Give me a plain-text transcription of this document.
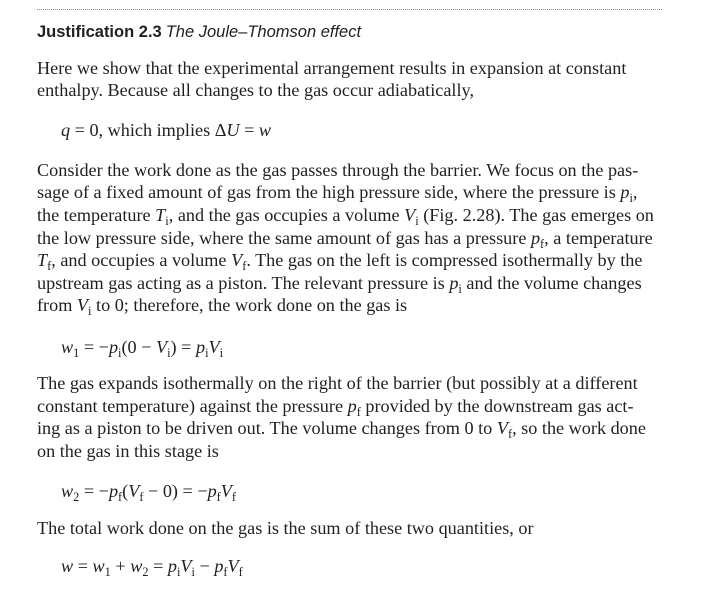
Justification 2.3 The Joule–Thomson effect

Here we show that the experimental arrangement results in expansion at constant

enthalpy. Because all changes to the gas occur adiabatically,

q = 0, which implies ΔU = w

Consider the work done as the gas passes through the barrier. We focus on the pas-

sage of a fixed amount of gas from the high pressure side, where the pressure is $p_i$,

the temperature $T_i$, and the gas occupies a volume $V_i$ (Fig. 2.28). The gas emerges on

the low pressure side, where the same amount of gas has a pressure $p_f$, a temperature

$T_f$, and occupies a volume $V_f$. The gas on the left is compressed isothermally by the

upstream gas acting as a piston. The relevant pressure is $p_i$ and the volume changes

from $V_i$ to 0; therefore, the work done on the gas is

$w_1 = -p_i(0 - V_i) = p_iV_i$

The gas expands isothermally on the right of the barrier (but possibly at a different

constant temperature) against the pressure $p_f$ provided by the downstream gas act-

ing as a piston to be driven out. The volume changes from 0 to $V_f$, so the work done

on the gas in this stage is

$w_2 = -p_f(V_f - 0) = -p_fV_f$

The total work done on the gas is the sum of these two quantities, or

$w = w_1 + w_2 = p_iV_i - p_fV_f$
